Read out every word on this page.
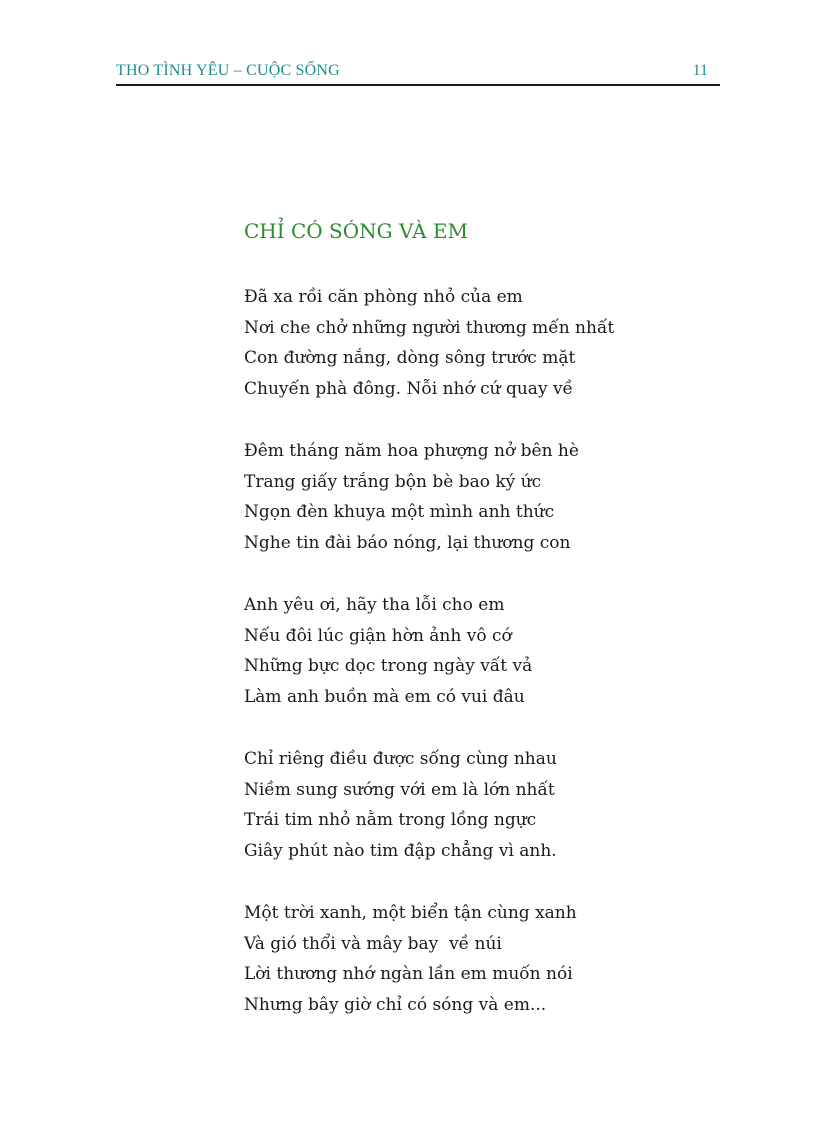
THO TÌNH YÊU – CUỘC SỐNG	11
CHỈ CÓ SÓNG VÀ EM
Đã xa rồi căn phòng nhỏ của em
Nơi che chở những người thương mến nhất
Con đường nắng, dòng sông trước mặt
Chuyến phà đông. Nỗi nhớ cứ quay về
Đêm tháng năm hoa phượng nở bên hè
Trang giấy trắng bộn bè bao ký ức
Ngọn đèn khuya một mình anh thức
Nghe tin đài báo nóng, lại thương con
Anh yêu ơi, hãy tha lỗi cho em
Nếu đôi lúc giận hờn ảnh vô cớ
Những bực dọc trong ngày vất vả
Làm anh buồn mà em có vui đâu
Chỉ riêng điều được sống cùng nhau
Niềm sung sướng với em là lớn nhất
Trái tim nhỏ nằm trong lồng ngực
Giây phút nào tim đập chẳng vì anh.
Một trời xanh, một biển tận cùng xanh
Và gió thổi và mây bay  về núi
Lời thương nhớ ngàn lần em muốn nói
Nhưng bây giờ chỉ có sóng và em...
